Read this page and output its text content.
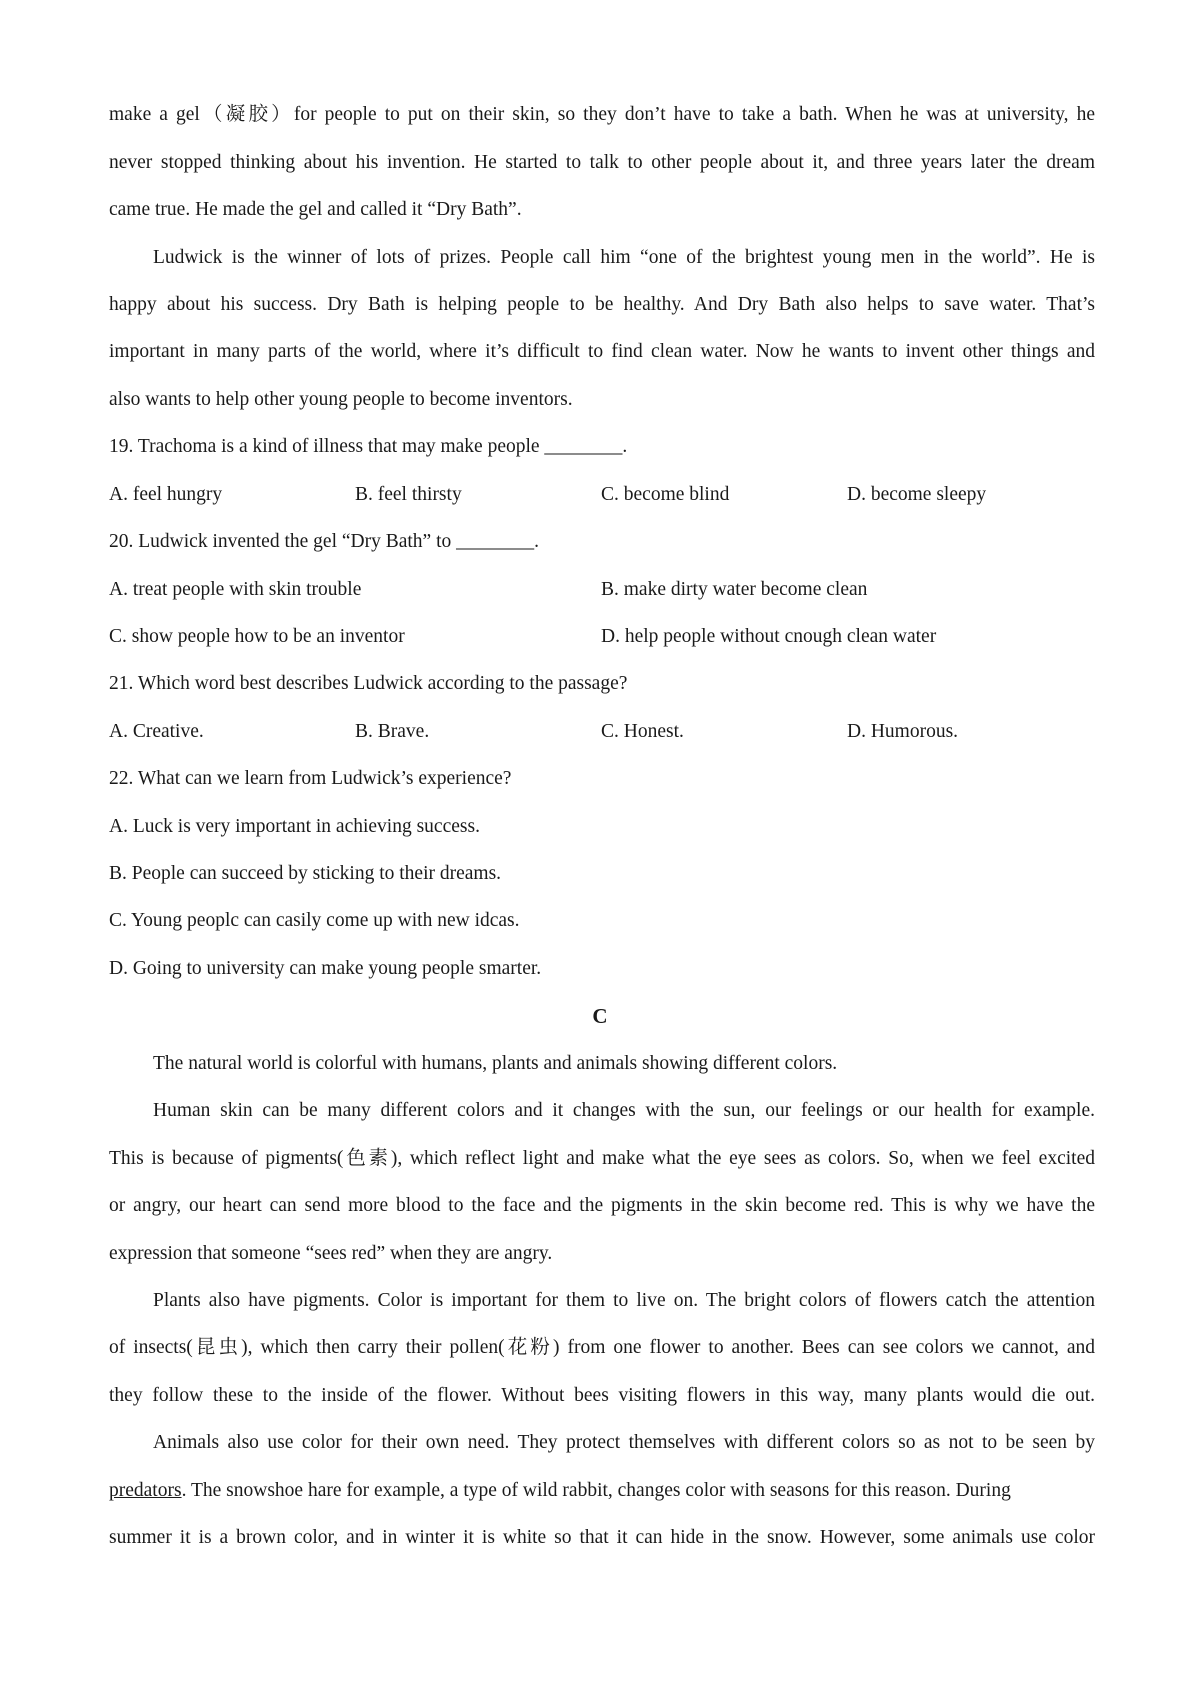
make a gel（凝胶）for people to put on their skin, so they don’t have to take a bath. When he was at university, he
never stopped thinking about his invention. He started to talk to other people about it, and three years later the dream
came true. He made the gel and called it “Dry Bath”.
Ludwick is the winner of lots of prizes. People call him “one of the brightest young men in the world”. He is
happy about his success. Dry Bath is helping people to be healthy. And Dry Bath also helps to save water. That’s
important in many parts of the world, where it’s difficult to find clean water. Now he wants to invent other things and
also wants to help other young people to become inventors.
19. Trachoma is a kind of illness that may make people ________.
A. feel hungry	B. feel thirsty	C. become blind	D. become sleepy
20. Ludwick invented the gel “Dry Bath” to ________.
A. treat people with skin trouble	B. make dirty water become clean
C. show people how to be an inventor	D. help people without cnough clean water
21. Which word best describes Ludwick according to the passage?
A. Creative.	B. Brave.	C. Honest.	D. Humorous.
22. What can we learn from Ludwick’s experience?
A. Luck is very important in achieving success.
B. People can succeed by sticking to their dreams.
C. Young peoplc can casily come up with new idcas.
D. Going to university can make young people smarter.
C
The natural world is colorful with humans, plants and animals showing different colors.
Human skin can be many different colors and it changes with the sun, our feelings or our health for example.
This is because of pigments(色素), which reflect light and make what the eye sees as colors. So, when we feel excited
or angry, our heart can send more blood to the face and the pigments in the skin become red. This is why we have the
expression that someone “sees red” when they are angry.
Plants also have pigments. Color is important for them to live on. The bright colors of flowers catch the attention
of insects(昆虫), which then carry their pollen(花粉) from one flower to another. Bees can see colors we cannot, and
they follow these to the inside of the flower. Without bees visiting flowers in this way, many plants would die out.
Animals also use color for their own need. They protect themselves with different colors so as not to be seen by
predators. The snowshoe hare for example, a type of wild rabbit, changes color with seasons for this reason. During
summer it is a brown color, and in winter it is white so that it can hide in the snow. However, some animals use color
